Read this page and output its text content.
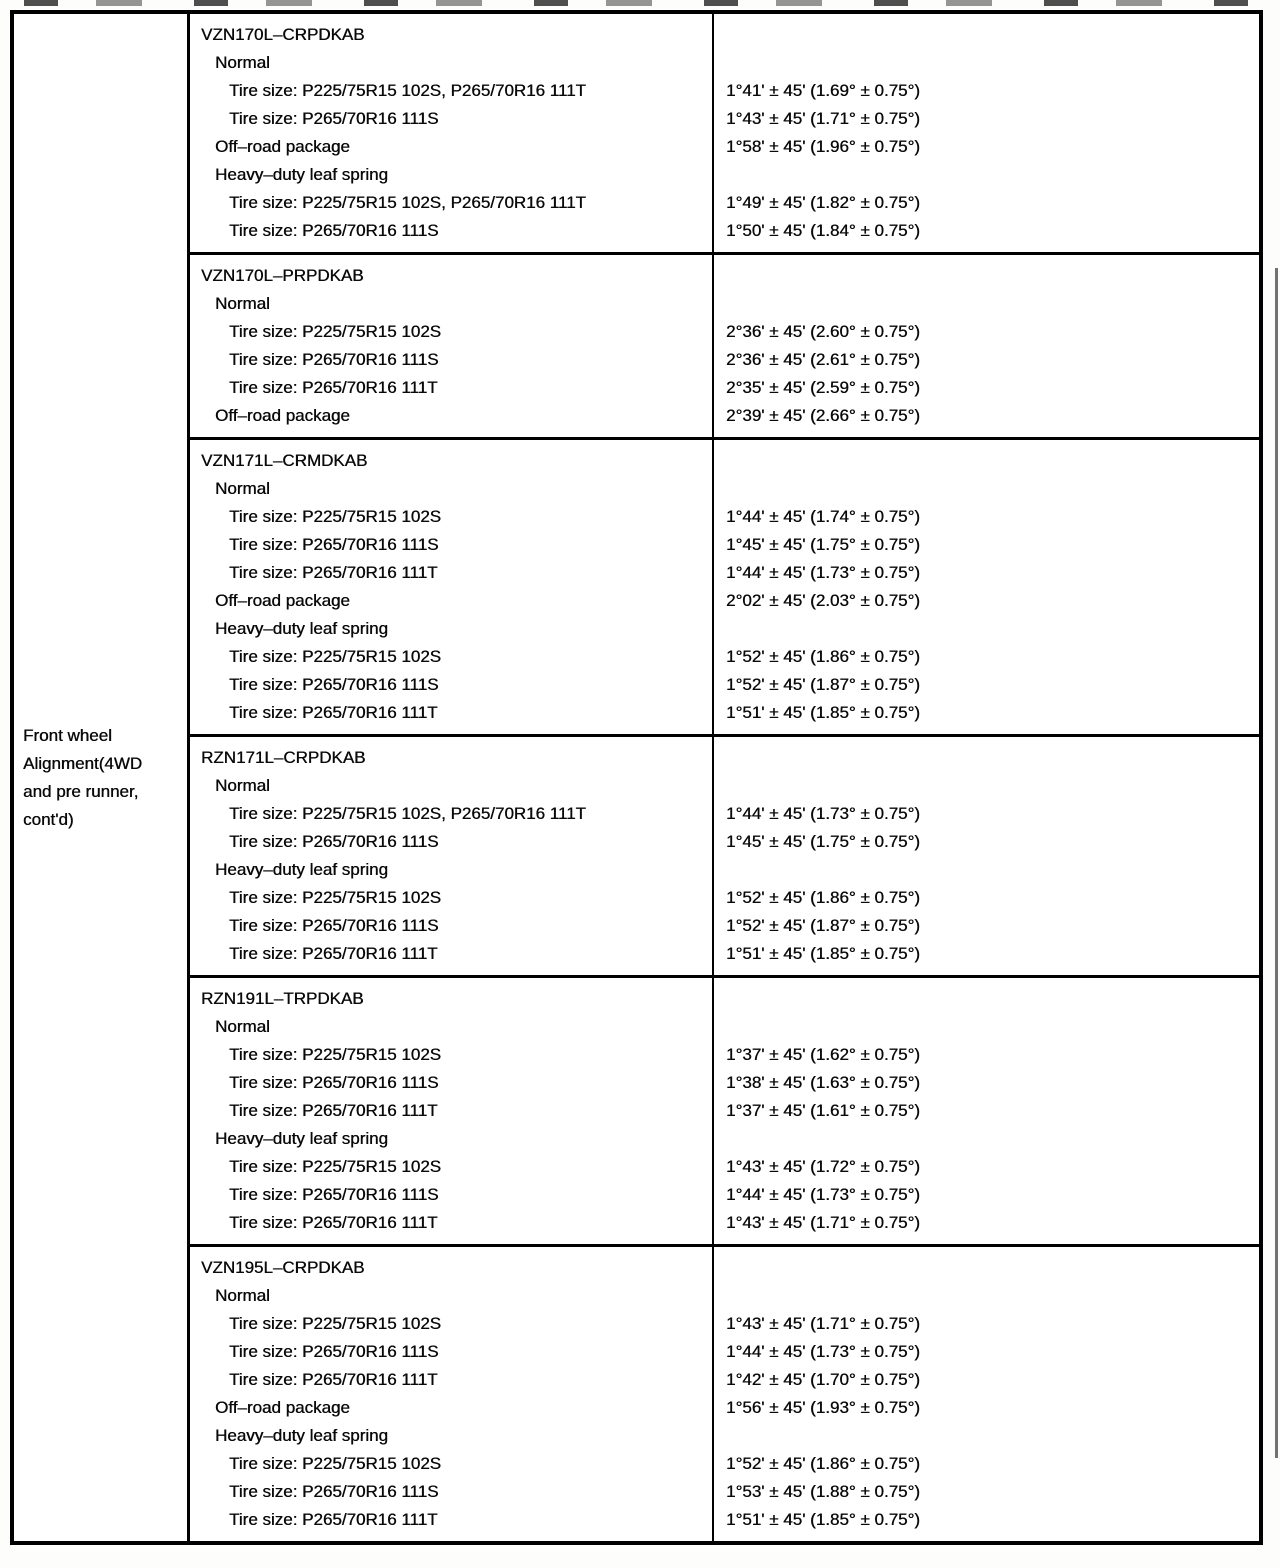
Front wheel
Alignment(4WD
and pre runner,
cont'd)
VZN170L–CRPDKAB
Normal
Tire size: P225/75R15 102S, P265/70R16 111T	1°41' ± 45' (1.69° ± 0.75°)
Tire size: P265/70R16 111S	1°43' ± 45' (1.71° ± 0.75°)
Off–road package	1°58' ± 45' (1.96° ± 0.75°)
Heavy–duty leaf spring
Tire size: P225/75R15 102S, P265/70R16 111T	1°49' ± 45' (1.82° ± 0.75°)
Tire size: P265/70R16 111S	1°50' ± 45' (1.84° ± 0.75°)
VZN170L–PRPDKAB
Normal
Tire size: P225/75R15 102S	2°36' ± 45' (2.60° ± 0.75°)
Tire size: P265/70R16 111S	2°36' ± 45' (2.61° ± 0.75°)
Tire size: P265/70R16 111T	2°35' ± 45' (2.59° ± 0.75°)
Off–road package	2°39' ± 45' (2.66° ± 0.75°)
VZN171L–CRMDKAB
Normal
Tire size: P225/75R15 102S	1°44' ± 45' (1.74° ± 0.75°)
Tire size: P265/70R16 111S	1°45' ± 45' (1.75° ± 0.75°)
Tire size: P265/70R16 111T	1°44' ± 45' (1.73° ± 0.75°)
Off–road package	2°02' ± 45' (2.03° ± 0.75°)
Heavy–duty leaf spring
Tire size: P225/75R15 102S	1°52' ± 45' (1.86° ± 0.75°)
Tire size: P265/70R16 111S	1°52' ± 45' (1.87° ± 0.75°)
Tire size: P265/70R16 111T	1°51' ± 45' (1.85° ± 0.75°)
RZN171L–CRPDKAB
Normal
Tire size: P225/75R15 102S, P265/70R16 111T	1°44' ± 45' (1.73° ± 0.75°)
Tire size: P265/70R16 111S	1°45' ± 45' (1.75° ± 0.75°)
Heavy–duty leaf spring
Tire size: P225/75R15 102S	1°52' ± 45' (1.86° ± 0.75°)
Tire size: P265/70R16 111S	1°52' ± 45' (1.87° ± 0.75°)
Tire size: P265/70R16 111T	1°51' ± 45' (1.85° ± 0.75°)
RZN191L–TRPDKAB
Normal
Tire size: P225/75R15 102S	1°37' ± 45' (1.62° ± 0.75°)
Tire size: P265/70R16 111S	1°38' ± 45' (1.63° ± 0.75°)
Tire size: P265/70R16 111T	1°37' ± 45' (1.61° ± 0.75°)
Heavy–duty leaf spring
Tire size: P225/75R15 102S	1°43' ± 45' (1.72° ± 0.75°)
Tire size: P265/70R16 111S	1°44' ± 45' (1.73° ± 0.75°)
Tire size: P265/70R16 111T	1°43' ± 45' (1.71° ± 0.75°)
VZN195L–CRPDKAB
Normal
Tire size: P225/75R15 102S	1°43' ± 45' (1.71° ± 0.75°)
Tire size: P265/70R16 111S	1°44' ± 45' (1.73° ± 0.75°)
Tire size: P265/70R16 111T	1°42' ± 45' (1.70° ± 0.75°)
Off–road package	1°56' ± 45' (1.93° ± 0.75°)
Heavy–duty leaf spring
Tire size: P225/75R15 102S	1°52' ± 45' (1.86° ± 0.75°)
Tire size: P265/70R16 111S	1°53' ± 45' (1.88° ± 0.75°)
Tire size: P265/70R16 111T	1°51' ± 45' (1.85° ± 0.75°)
